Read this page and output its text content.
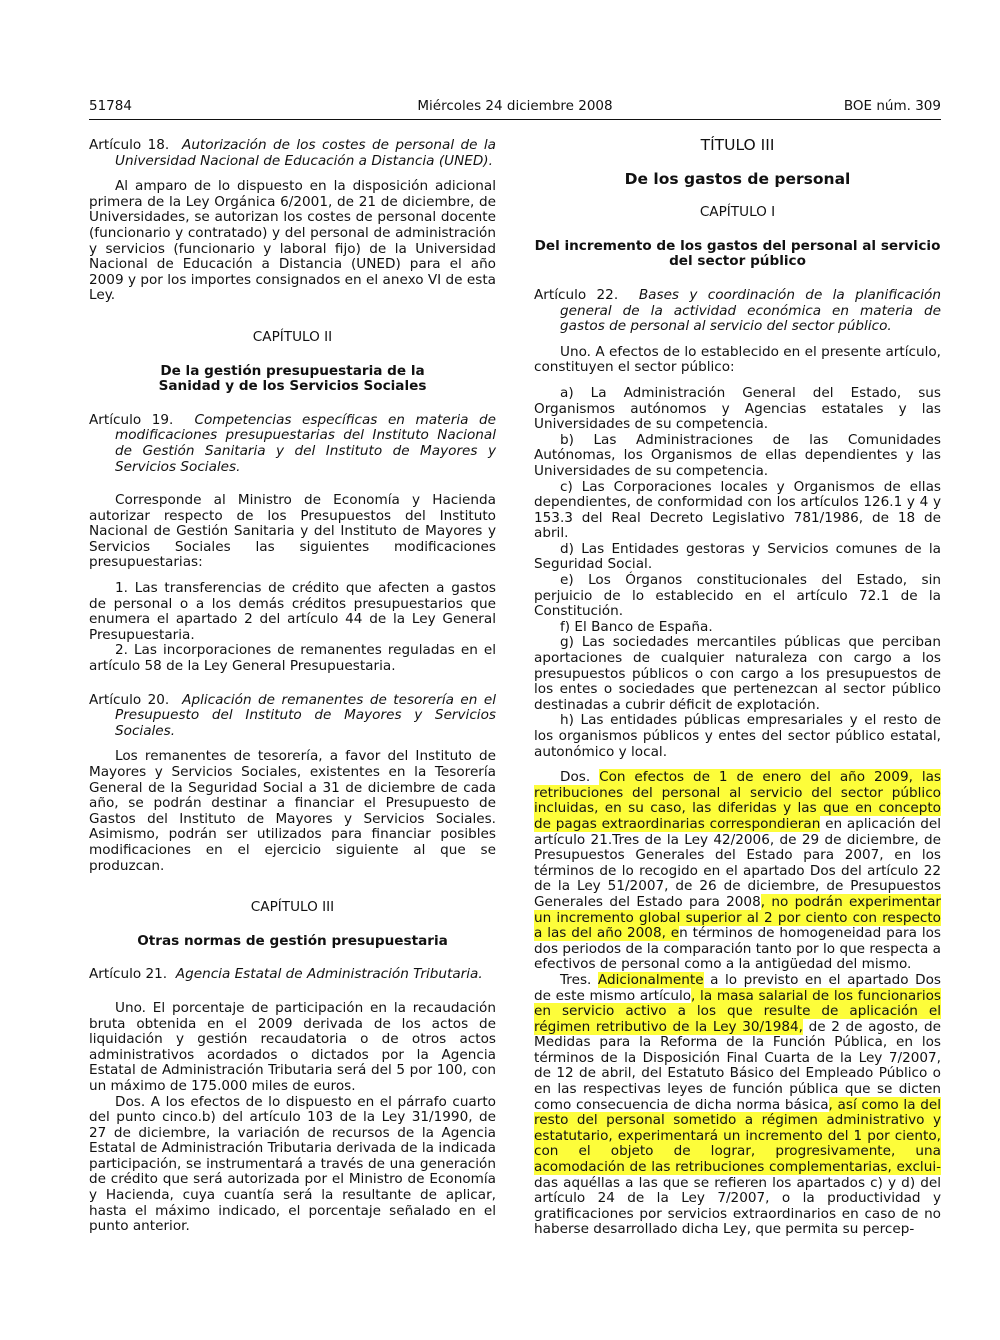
51784	Miércoles 24 diciembre 2008	BOE núm. 309

Artículo 18. Autorización de los costes de personal de la Universidad Nacional de Educación a Distancia (UNED).

Al amparo de lo dispuesto en la disposición adicional primera de la Ley Orgánica 6/2001, de 21 de diciembre, de Universidades, se autorizan los costes de personal docente (funcionario y contratado) y del personal de administración y servicios (funcionario y laboral fijo) de la Universidad Nacional de Educación a Distancia (UNED) para el año 2009 y por los importes consignados en el anexo VI de esta Ley.

CAPÍTULO II

De la gestión presupuestaria de la Sanidad y de los Servicios Sociales

Artículo 19. Competencias específicas en materia de modificaciones presupuestarias del Instituto Nacional de Gestión Sanitaria y del Instituto de Mayores y Servicios Sociales.

Corresponde al Ministro de Economía y Hacienda autorizar respecto de los Presupuestos del Instituto Nacional de Gestión Sanitaria y del Instituto de Mayores y Servicios Sociales las siguientes modificaciones presupuestarias:

1. Las transferencias de crédito que afecten a gastos de personal o a los demás créditos presupuestarios que enumera el apartado 2 del artículo 44 de la Ley General Presupuestaria.

2. Las incorporaciones de remanentes reguladas en el artículo 58 de la Ley General Presupuestaria.

Artículo 20. Aplicación de remanentes de tesorería en el Presupuesto del Instituto de Mayores y Servicios Sociales.

Los remanentes de tesorería, a favor del Instituto de Mayores y Servicios Sociales, existentes en la Tesorería General de la Seguridad Social a 31 de diciembre de cada año, se podrán destinar a financiar el Presupuesto de Gastos del Instituto de Mayores y Servicios Sociales. Asimismo, podrán ser utilizados para financiar posibles modificaciones en el ejercicio siguiente al que se produzcan.

CAPÍTULO III

Otras normas de gestión presupuestaria

Artículo 21. Agencia Estatal de Administración Tributaria.

Uno. El porcentaje de participación en la recaudación bruta obtenida en el 2009 derivada de los actos de liquidación y gestión recaudatoria o de otros actos administrativos acordados o dictados por la Agencia Estatal de Administración Tributaria será del 5 por 100, con un máximo de 175.000 miles de euros.

Dos. A los efectos de lo dispuesto en el párrafo cuarto del punto cinco.b) del artículo 103 de la Ley 31/1990, de 27 de diciembre, la variación de recursos de la Agencia Estatal de Administración Tributaria derivada de la indicada participación, se instrumentará a través de una generación de crédito que será autorizada por el Ministro de Economía y Hacienda, cuya cuantía será la resultante de aplicar, hasta el máximo indicado, el porcentaje señalado en el punto anterior.

TÍTULO III

De los gastos de personal

CAPÍTULO I

Del incremento de los gastos del personal al servicio del sector público

Artículo 22. Bases y coordinación de la planificación general de la actividad económica en materia de gastos de personal al servicio del sector público.

Uno. A efectos de lo establecido en el presente artículo, constituyen el sector público:

a) La Administración General del Estado, sus Organismos autónomos y Agencias estatales y las Universidades de su competencia.

b) Las Administraciones de las Comunidades Autónomas, los Organismos de ellas dependientes y las Universidades de su competencia.

c) Las Corporaciones locales y Organismos de ellas dependientes, de conformidad con los artículos 126.1 y 4 y 153.3 del Real Decreto Legislativo 781/1986, de 18 de abril.

d) Las Entidades gestoras y Servicios comunes de la Seguridad Social.

e) Los Órganos constitucionales del Estado, sin perjuicio de lo establecido en el artículo 72.1 de la Constitución.

f) El Banco de España.

g) Las sociedades mercantiles públicas que perciban aportaciones de cualquier naturaleza con cargo a los presupuestos públicos o con cargo a los presupuestos de los entes o sociedades que pertenezcan al sector público destinadas a cubrir déficit de explotación.

h) Las entidades públicas empresariales y el resto de los organismos públicos y entes del sector público estatal, autonómico y local.

Dos. Con efectos de 1 de enero del año 2009, las retribuciones del personal al servicio del sector público incluidas, en su caso, las diferidas y las que en concepto de pagas extraordinarias correspondieran en aplicación del artículo 21.Tres de la Ley 42/2006, de 29 de diciembre, de Presupuestos Generales del Estado para 2007, en los términos de lo recogido en el apartado Dos del artículo 22 de la Ley 51/2007, de 26 de diciembre, de Presupuestos Generales del Estado para 2008, no podrán experimentar un incremento global superior al 2 por ciento con respecto a las del año 2008, en términos de homogeneidad para los dos periodos de la comparación tanto por lo que respecta a efectivos de personal como a la antigüedad del mismo.

Tres. Adicionalmente a lo previsto en el apartado Dos de este mismo artículo, la masa salarial de los funcionarios en servicio activo a los que resulte de aplicación el régimen retributivo de la Ley 30/1984, de 2 de agosto, de Medidas para la Reforma de la Función Pública, en los términos de la Disposición Final Cuarta de la Ley 7/2007, de 12 de abril, del Estatuto Básico del Empleado Público o en las respectivas leyes de función pública que se dicten como consecuencia de dicha norma básica, así como la del resto del personal sometido a régimen administrativo y estatutario, experimentará un incremento del 1 por ciento, con el objeto de lograr, progresivamente, una acomodación de las retribuciones complementarias, exclui-das aquéllas a las que se refieren los apartados c) y d) del artículo 24 de la Ley 7/2007, o la productividad y gratificaciones por servicios extraordinarios en caso de no haberse desarrollado dicha Ley, que permita su percep-
